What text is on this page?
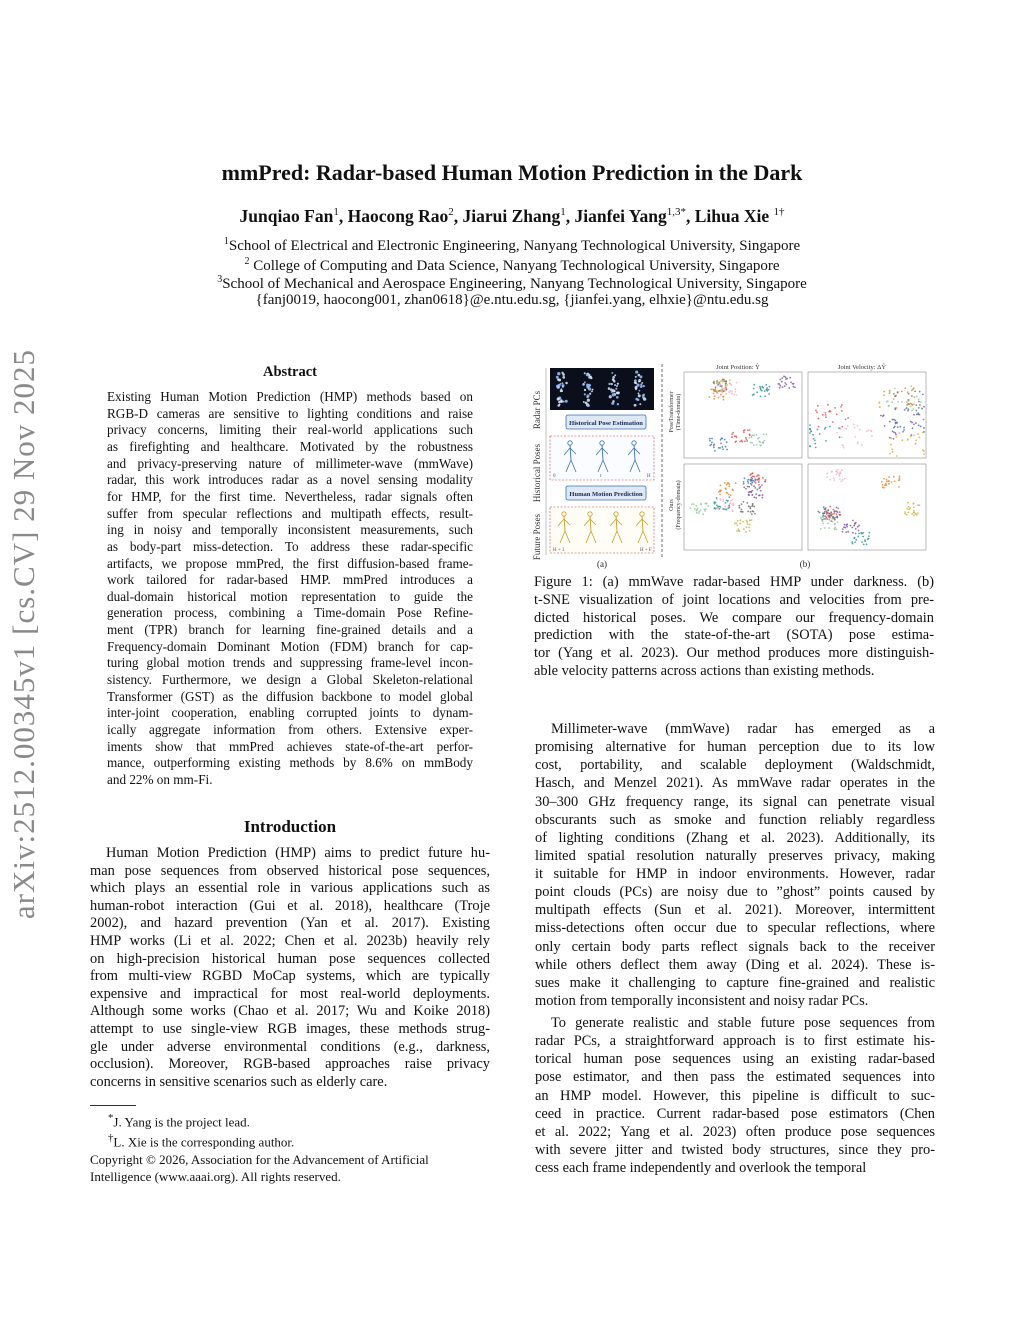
mmPred: Radar-based Human Motion Prediction in the Dark
Junqiao Fan$^1$, Haocong Rao$^2$, Jiarui Zhang$^1$, Jianfei Yang$^{1,3*}$, Lihua Xie $^{1\dagger}$
$^1$School of Electrical and Electronic Engineering, Nanyang Technological University, Singapore
$^2$ College of Computing and Data Science, Nanyang Technological University, Singapore
$^3$School of Mechanical and Aerospace Engineering, Nanyang Technological University, Singapore
{fanj0019, haocong001, zhan0618}@e.ntu.edu.sg, {jianfei.yang, elhxie}@ntu.edu.sg
arXiv:2512.00345v1 [cs.CV] 29 Nov 2025	Abstract
Existing Human Motion Prediction (HMP) methods based on
RGB-D cameras are sensitive to lighting conditions and raise
privacy concerns, limiting their real-world applications such
as firefighting and healthcare. Motivated by the robustness
and privacy-preserving nature of millimeter-wave (mmWave)
radar, this work introduces radar as a novel sensing modality
for HMP, for the first time. Nevertheless, radar signals often
suffer from specular reflections and multipath effects, result-
ing in noisy and temporally inconsistent measurements, such
as body-part miss-detection. To address these radar-specific
artifacts, we propose mmPred, the first diffusion-based frame-
work tailored for radar-based HMP. mmPred introduces a
dual-domain historical motion representation to guide the
generation process, combining a Time-domain Pose Refine-
ment (TPR) branch for learning fine-grained details and a
Frequency-domain Dominant Motion (FDM) branch for cap-
turing global motion trends and suppressing frame-level incon-
sistency. Furthermore, we design a Global Skeleton-relational
Transformer (GST) as the diffusion backbone to model global
inter-joint cooperation, enabling corrupted joints to dynam-
ically aggregate information from others. Extensive exper-
iments show that mmPred achieves state-of-the-art perfor-
mance, outperforming existing methods by 8.6% on mmBody
and 22% on mm-Fi.
Introduction
Human Motion Prediction (HMP) aims to predict future hu-
man pose sequences from observed historical pose sequences,
which plays an essential role in various applications such as
human-robot interaction (Gui et al. 2018), healthcare (Troje
2002), and hazard prevention (Yan et al. 2017). Existing
HMP works (Li et al. 2022; Chen et al. 2023b) heavily rely
on high-precision historical human pose sequences collected
from multi-view RGBD MoCap systems, which are typically
expensive and impractical for most real-world deployments.
Although some works (Chao et al. 2017; Wu and Koike 2018)
attempt to use single-view RGB images, these methods strug-
gle under adverse environmental conditions (e.g., darkness,
occlusion). Moreover, RGB-based approaches raise privacy
concerns in sensitive scenarios such as elderly care.
*J. Yang is the project lead.
†L. Xie is the corresponding author.
Copyright © 2026, Association for the Advancement of Artificial
Intelligence (www.aaai.org). All rights reserved.
Radar PCs
Historical Poses
Future Poses
Historical Pose Estimation
Human Motion Prediction
0	t	H
H + 1	H + F
(a)
Joint Position: Ŷ	Joint Velocity: ΔŶ
PoseTransformer (Time-domain)
Ours (Frequency-domain)
(b)
Figure 1: (a) mmWave radar-based HMP under darkness. (b)
t-SNE visualization of joint locations and velocities from pre-
dicted historical poses. We compare our frequency-domain
prediction with the state-of-the-art (SOTA) pose estima-
tor (Yang et al. 2023). Our method produces more distinguish-
able velocity patterns across actions than existing methods.
Millimeter-wave (mmWave) radar has emerged as a
promising alternative for human perception due to its low
cost, portability, and scalable deployment (Waldschmidt,
Hasch, and Menzel 2021). As mmWave radar operates in the
30–300 GHz frequency range, its signal can penetrate visual
obscurants such as smoke and function reliably regardless
of lighting conditions (Zhang et al. 2023). Additionally, its
limited spatial resolution naturally preserves privacy, making
it suitable for HMP in indoor environments. However, radar
point clouds (PCs) are noisy due to ”ghost” points caused by
multipath effects (Sun et al. 2021). Moreover, intermittent
miss-detections often occur due to specular reflections, where
only certain body parts reflect signals back to the receiver
while others deflect them away (Ding et al. 2024). These is-
sues make it challenging to capture fine-grained and realistic
motion from temporally inconsistent and noisy radar PCs.
To generate realistic and stable future pose sequences from
radar PCs, a straightforward approach is to first estimate his-
torical human pose sequences using an existing radar-based
pose estimator, and then pass the estimated sequences into
an HMP model. However, this pipeline is difficult to suc-
ceed in practice. Current radar-based pose estimators (Chen
et al. 2022; Yang et al. 2023) often produce pose sequences
with severe jitter and twisted body structures, since they pro-
cess each frame independently and overlook the temporal
